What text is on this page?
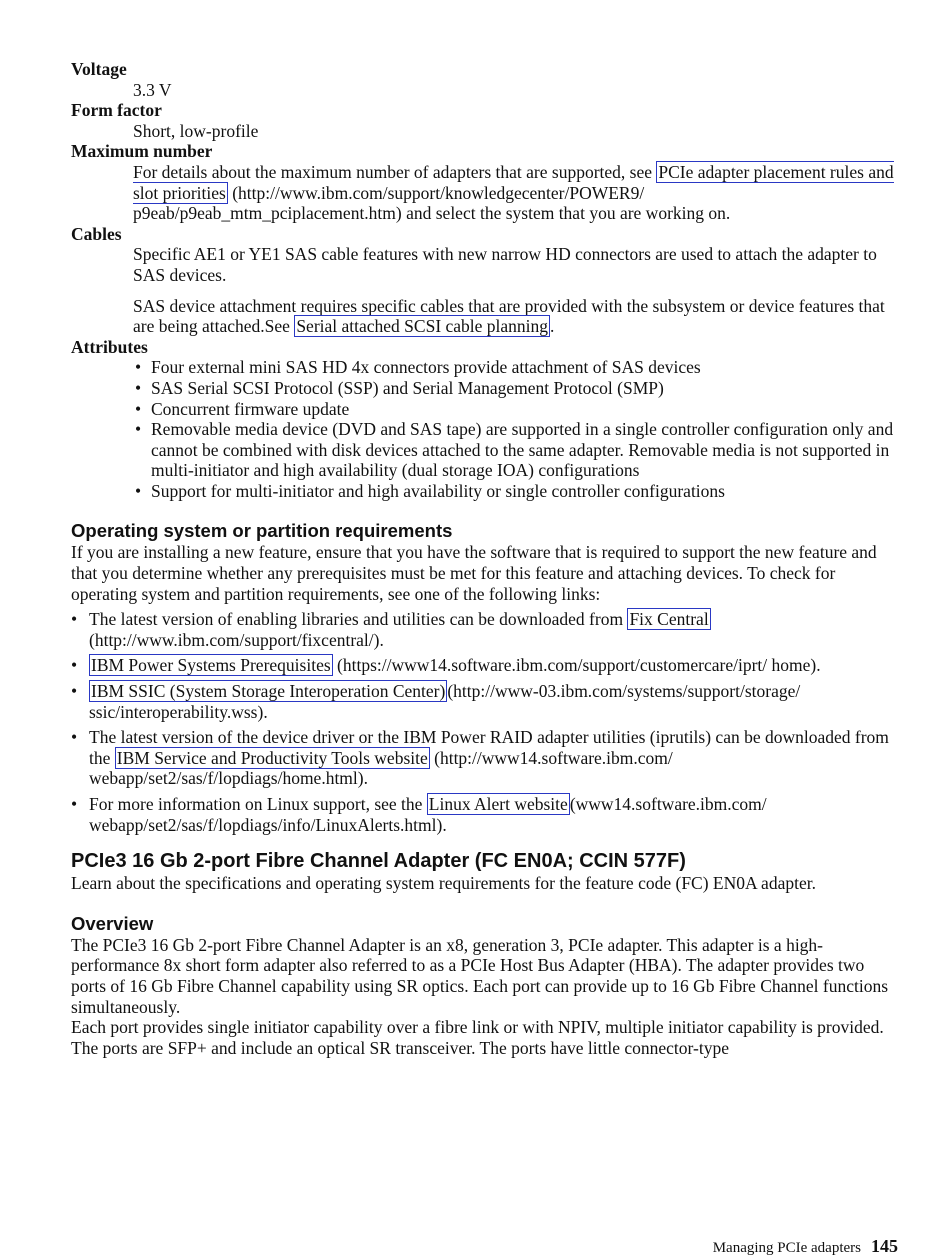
Voltage
3.3 V
Form factor
Short, low-profile
Maximum number
For details about the maximum number of adapters that are supported, see PCIe adapter placement rules and slot priorities (http://www.ibm.com/support/knowledgecenter/POWER9/ p9eab/p9eab_mtm_pciplacement.htm) and select the system that you are working on.
Cables

Specific AE1 or YE1 SAS cable features with new narrow HD connectors are used to attach the adapter to SAS devices.

SAS device attachment requires specific cables that are provided with the subsystem or device features that are being attached.See Serial attached SCSI cable planning .

Attributes
• Four external mini SAS HD 4x connectors provide attachment of SAS devices
• SAS Serial SCSI Protocol (SSP) and Serial Management Protocol (SMP)
• Concurrent firmware update
• Removable media device (DVD and SAS tape) are supported in a single controller configuration only and cannot be combined with disk devices attached to the same adapter. Removable media is not supported in multi-initiator and high availability (dual storage IOA) configurations
• Support for multi-initiator and high availability or single controller configurations
Operating system or partition requirements

If you are installing a new feature, ensure that you have the software that is required to support the new feature and that you determine whether any prerequisites must be met for this feature and attaching devices. To check for operating system and partition requirements, see one of the following links:

• The latest version of enabling libraries and utilities can be downloaded from Fix Central (http://www.ibm.com/support/fixcentral/).
• IBM Power Systems Prerequisites (https://www14.software.ibm.com/support/customercare/iprt/ home).
• IBM SSIC (System Storage Interoperation Center) (http://www-03.ibm.com/systems/support/storage/ ssic/interoperability.wss).
• The latest version of the device driver or the IBM Power RAID adapter utilities (iprutils) can be downloaded from the IBM Service and Productivity Tools website (http://www14.software.ibm.com/ webapp/set2/sas/f/lopdiags/home.html).
• For more information on Linux support, see the Linux Alert website (www14.software.ibm.com/ webapp/set2/sas/f/lopdiags/info/LinuxAlerts.html).
PCIe3 16 Gb 2-port Fibre Channel Adapter (FC EN0A; CCIN 577F)

Learn about the specifications and operating system requirements for the feature code (FC) EN0A adapter.

Overview

The PCIe3 16 Gb 2-port Fibre Channel Adapter is an x8, generation 3, PCIe adapter. This adapter is a high-performance 8x short form adapter also referred to as a PCIe Host Bus Adapter (HBA). The adapter provides two ports of 16 Gb Fibre Channel capability using SR optics. Each port can provide up to 16 Gb Fibre Channel functions simultaneously.

Each port provides single initiator capability over a fibre link or with NPIV, multiple initiator capability is provided. The ports are SFP+ and include an optical SR transceiver. The ports have little connector-type

Managing PCIe adapters 145
